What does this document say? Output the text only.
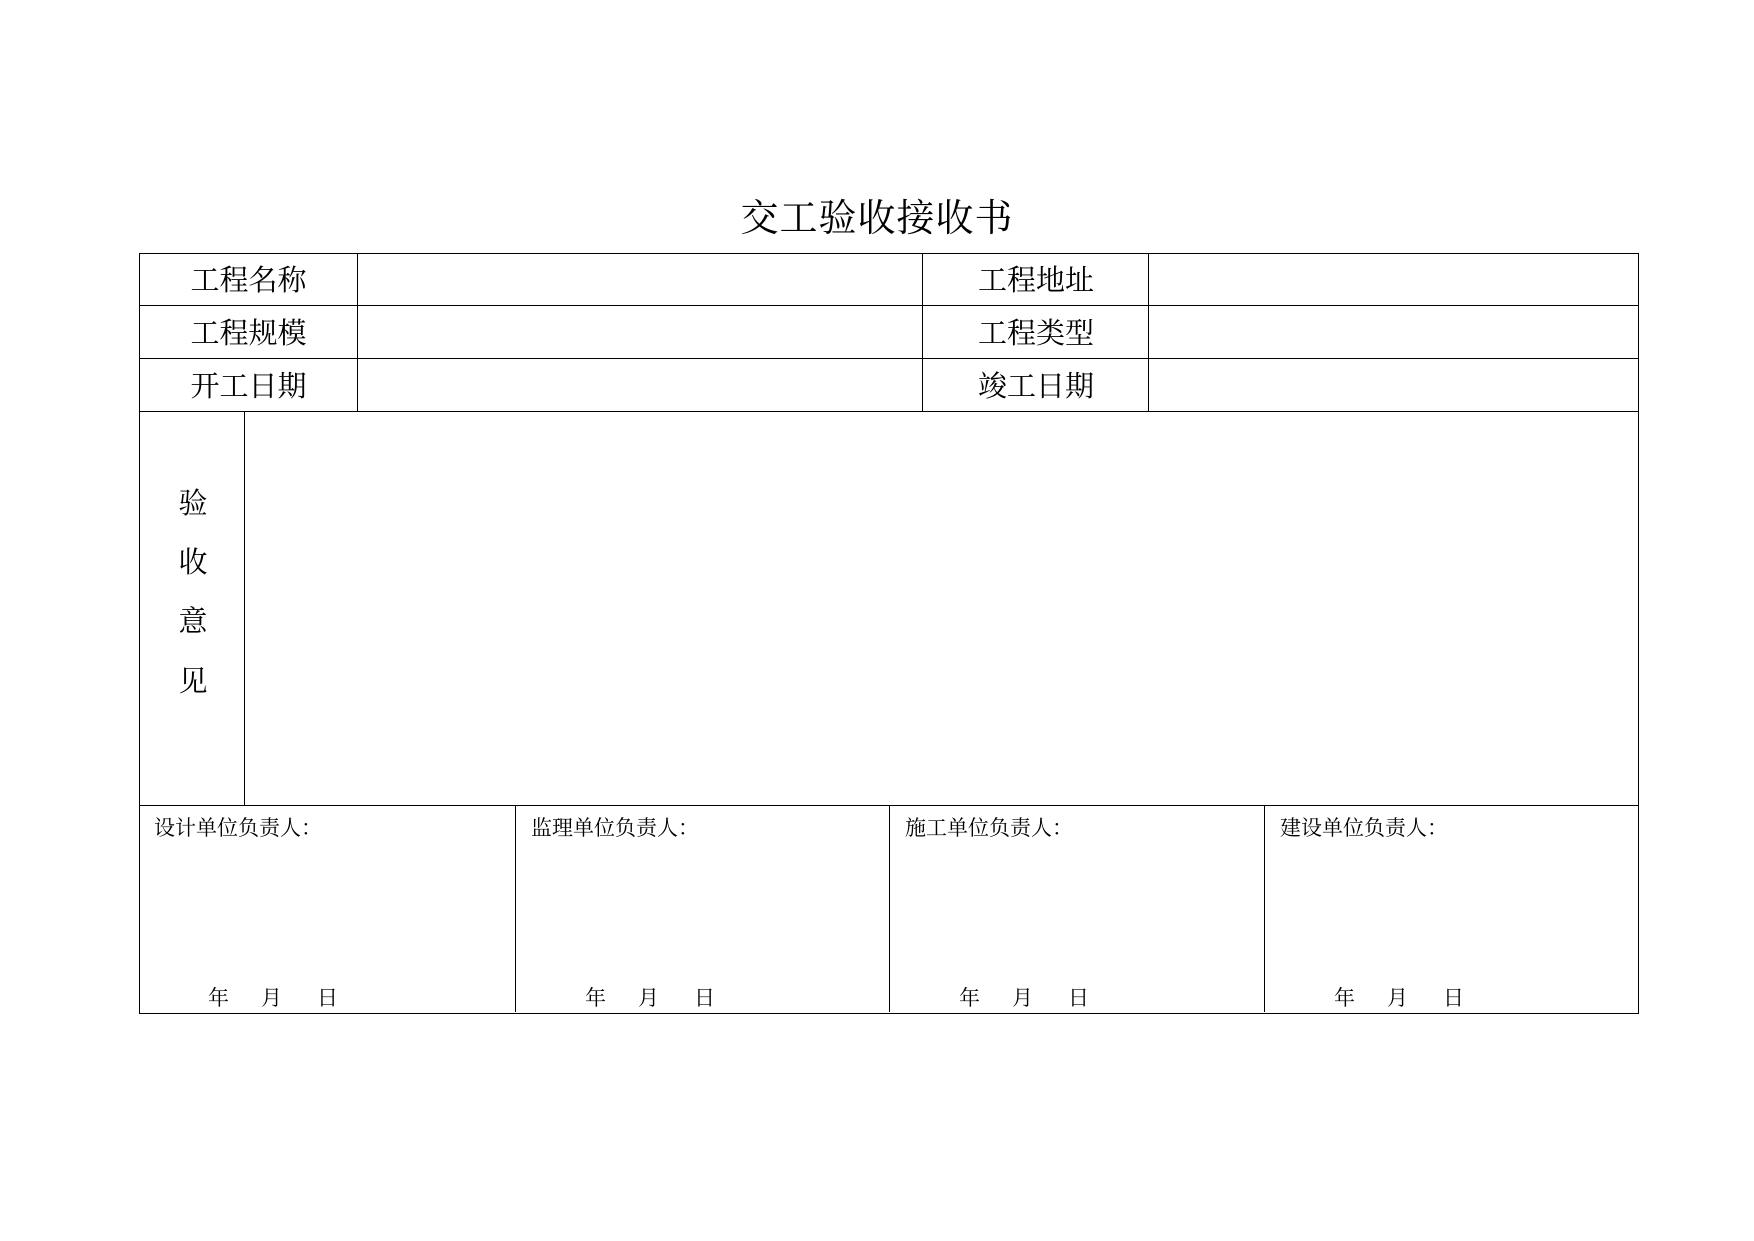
交工验收接收书
工程名称	工程地址
工程规模	工程类型
开工日期	竣工日期
验
收
意
见
设计单位负责人：
年 月 日
监理单位负责人：
年 月 日
施工单位负责人：
年 月 日
建设单位负责人：
年 月 日
